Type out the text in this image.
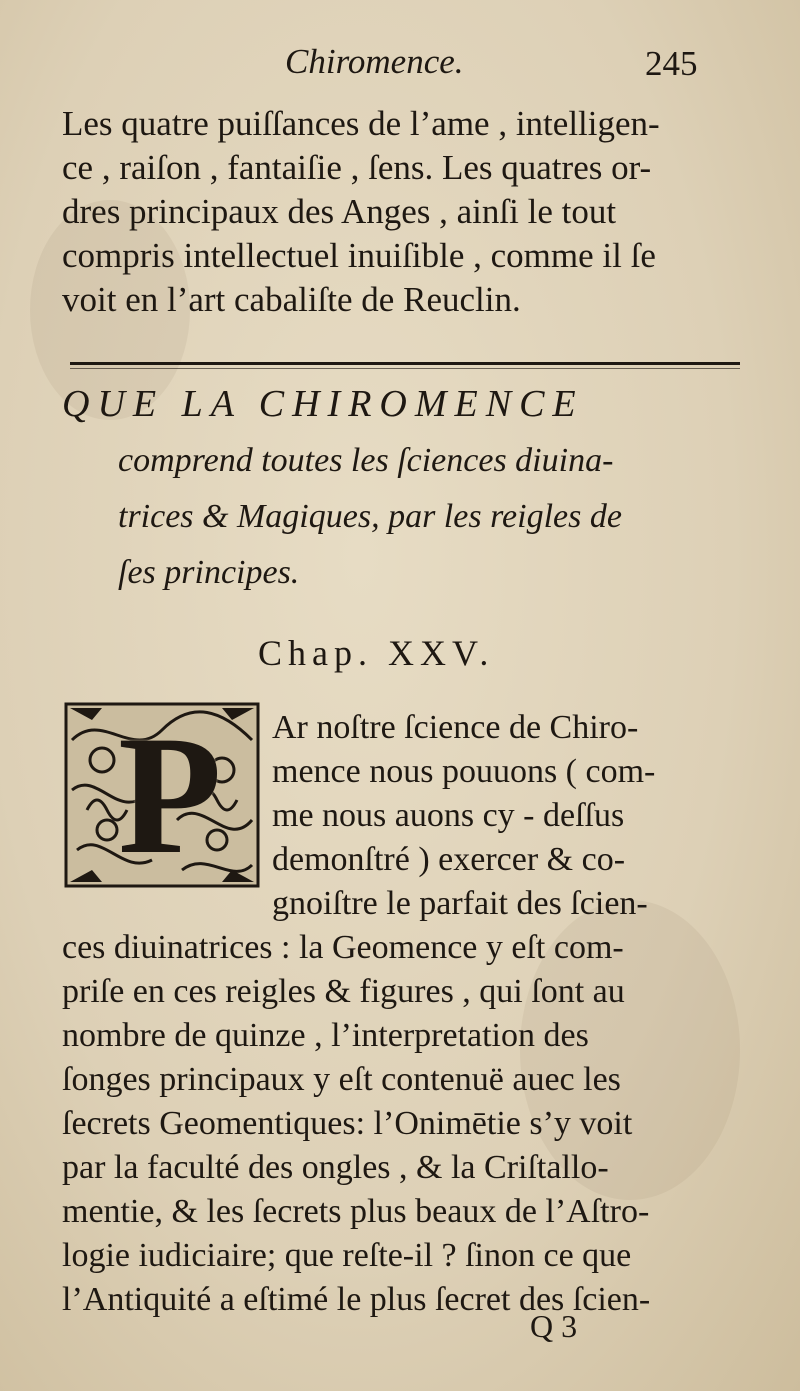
Chiromence.	245
Les quatre puiſſances de l’ame , intelligen-
ce , raiſon , fantaiſie , ſens. Les quatres or-
dres principaux des Anges , ainſi le tout
compris intellectuel inuiſible , comme il ſe
voit en l’art cabaliſte de Reuclin.
QUE LA CHIROMENCE
comprend toutes les ſciences diuina-
trices & Magiques, par les reigles de
ſes principes.
Chap. XXV.
P Ar noſtre ſcience de Chiro-
mence nous pouuons ( com-
me nous auons cy - deſſus
demonſtré ) exercer & co-
gnoiſtre le parfait des ſcien-
ces diuinatrices : la Geomence y eſt com-
priſe en ces reigles & figures , qui ſont au
nombre de quinze , l’interpretation des
ſonges principaux y eſt contenuë auec les
ſecrets Geomentiques: l’Onimētie s’y voit
par la faculté des ongles , & la Criſtallo-
mentie, & les ſecrets plus beaux de l’Aſtro-
logie iudiciaire; que reſte-il ? ſinon ce que
l’Antiquité a eſtimé le plus ſecret des ſcien-
Q 3
